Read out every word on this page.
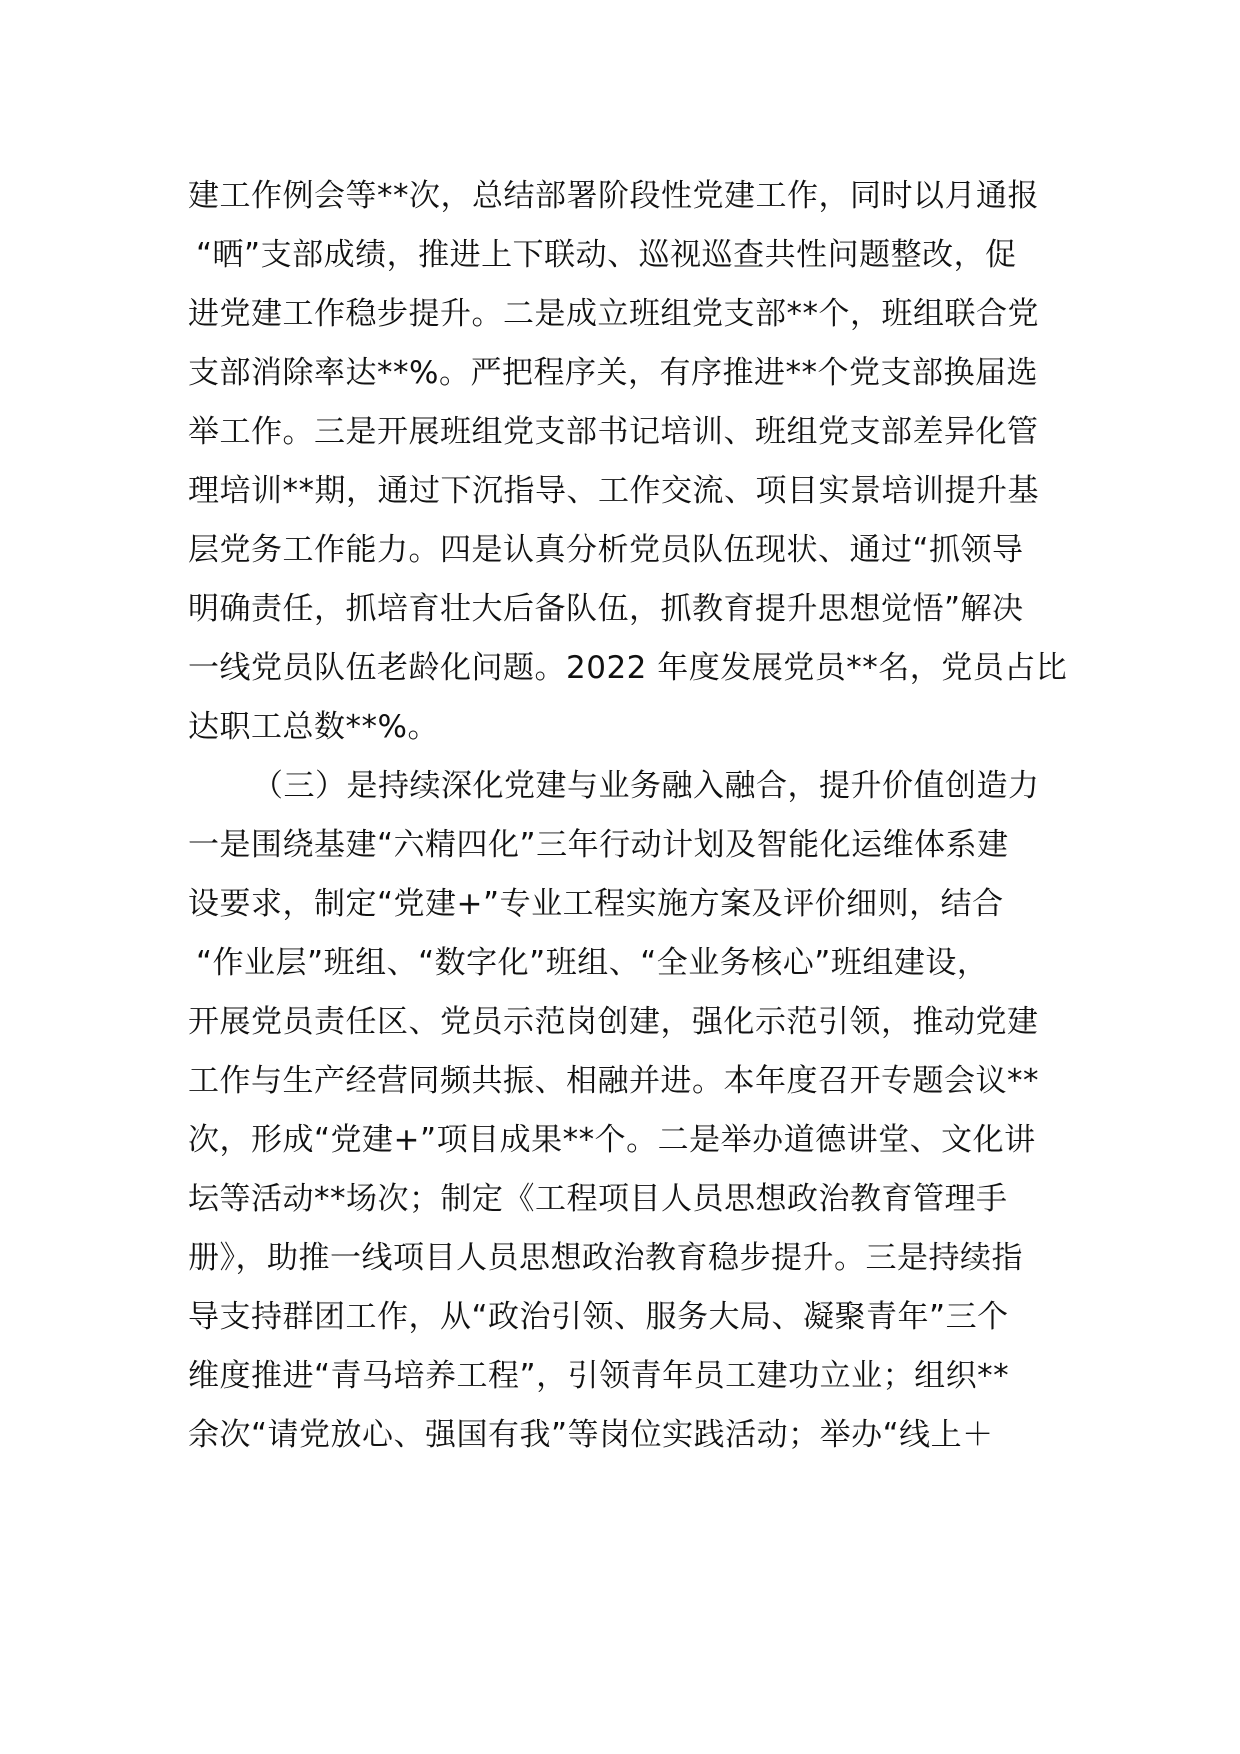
建工作例会等**次，总结部署阶段性党建工作，同时以月通报
“晒”支部成绩，推进上下联动、巡视巡查共性问题整改，促
进党建工作稳步提升。二是成立班组党支部**个，班组联合党
支部消除率达**%。严把程序关，有序推进**个党支部换届选
举工作。三是开展班组党支部书记培训、班组党支部差异化管
理培训**期，通过下沉指导、工作交流、项目实景培训提升基
层党务工作能力。四是认真分析党员队伍现状、通过“抓领导
明确责任，抓培育壮大后备队伍，抓教育提升思想觉悟”解决
一线党员队伍老龄化问题。2022 年度发展党员**名，党员占比
达职工总数**%。
（三）是持续深化党建与业务融入融合，提升价值创造力
一是围绕基建“六精四化”三年行动计划及智能化运维体系建
设要求，制定“党建+”专业工程实施方案及评价细则，结合
“作业层”班组、“数字化”班组、“全业务核心”班组建设，
开展党员责任区、党员示范岗创建，强化示范引领，推动党建
工作与生产经营同频共振、相融并进。本年度召开专题会议**
次，形成“党建+”项目成果**个。二是举办道德讲堂、文化讲
坛等活动**场次；制定《工程项目人员思想政治教育管理手
册》，助推一线项目人员思想政治教育稳步提升。三是持续指
导支持群团工作，从“政治引领、服务大局、凝聚青年”三个
维度推进“青马培养工程”，引领青年员工建功立业；组织**
余次“请党放心、强国有我”等岗位实践活动；举办“线上＋
